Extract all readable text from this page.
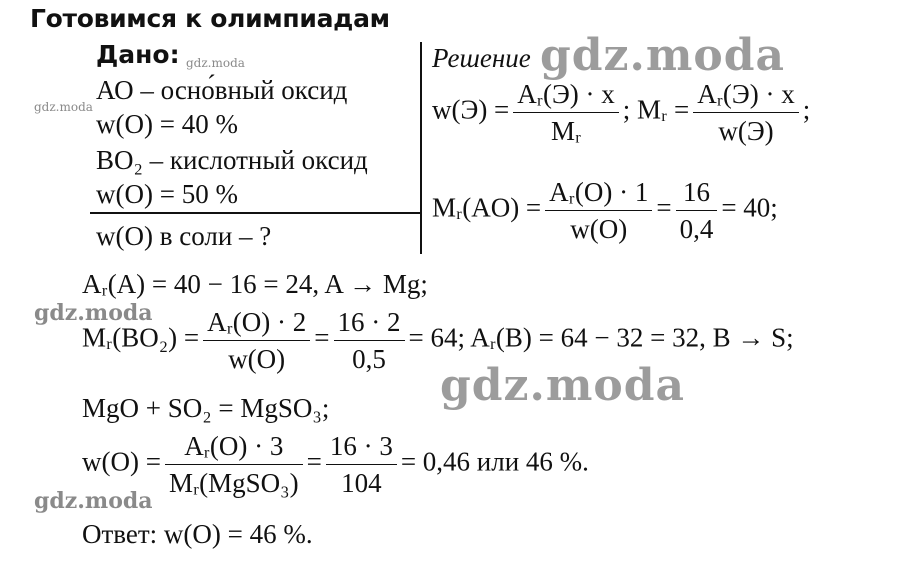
Готовимся к олимпиадам
Дано:
АО – осно́вный оксид
w(O) = 40 %
BO₂ – кислотный оксид
w(O) = 50 %
w(O) в соли – ?
Решение
$w(Э) = \frac{\text{Aᵣ(Э) · x}}{\text{Mᵣ}}$ ; Mᵣ = $\frac{\text{Aᵣ(Э) · x}}{w(Э)}$ ;
Mᵣ(AO) = $\frac{\text{Aᵣ(O) · 1}}{w(O)} = \frac{16}{0,4} = 40$;
Aᵣ(A) = 40 − 16 = 24, A → Mg;
Mᵣ(BO₂) = $\frac{\text{Aᵣ(O) · 2}}{w(O)} = \frac{16 \cdot 2}{0,5} = 64$; Aᵣ(B) = 64 − 32 = 32, B → S;
MgO + SO₂ = MgSO₃;
$w(O) = \frac{\text{Aᵣ(O) · 3}}{\text{Mᵣ(MgSO₃)}} = \frac{16 \cdot 3}{104} = 0,46$ или 46 %.
Ответ: w(O) = 46 %.
gdz.moda
gdz.moda
gdz.moda
gdz.moda
gdz.moda
gdz.moda
